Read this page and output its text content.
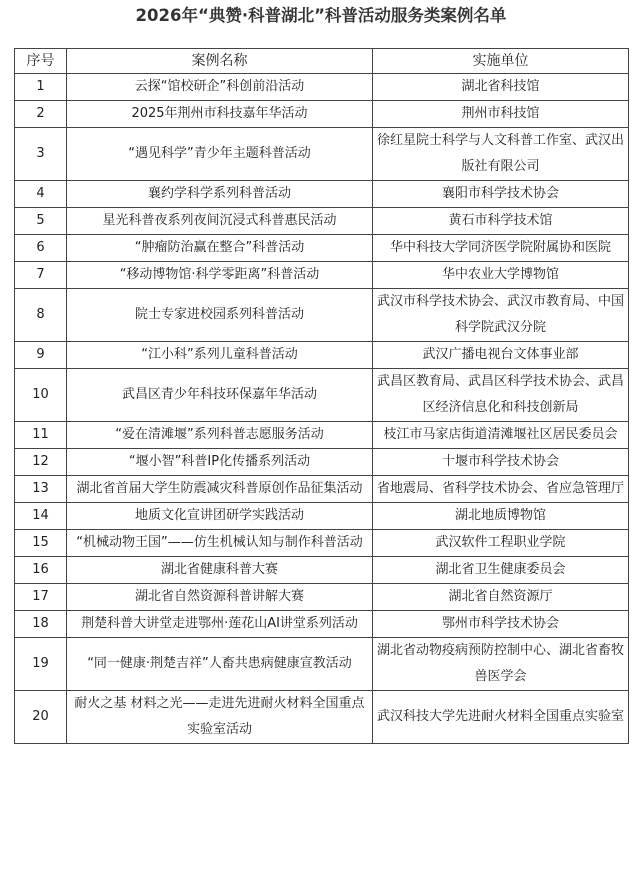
2026年“典赞·科普湖北”科普活动服务类案例名单
序号	案例名称	实施单位
1	云探“馆校研企”科创前沿活动	湖北省科技馆
2	2025年荆州市科技嘉年华活动	荆州市科技馆
3	“遇见科学”青少年主题科普活动	徐红星院士科学与人文科普工作室、武汉出版社有限公司
4	襄约学科学系列科普活动	襄阳市科学技术协会
5	星光科普夜系列夜间沉浸式科普惠民活动	黄石市科学技术馆
6	“肿瘤防治赢在整合”科普活动	华中科技大学同济医学院附属协和医院
7	“移动博物馆·科学零距离”科普活动	华中农业大学博物馆
8	院士专家进校园系列科普活动	武汉市科学技术协会、武汉市教育局、中国科学院武汉分院
9	“江小科”系列儿童科普活动	武汉广播电视台文体事业部
10	武昌区青少年科技环保嘉年华活动	武昌区教育局、武昌区科学技术协会、武昌区经济信息化和科技创新局
11	“爱在清滩堰”系列科普志愿服务活动	枝江市马家店街道清滩堰社区居民委员会
12	“堰小智”科普IP化传播系列活动	十堰市科学技术协会
13	湖北省首届大学生防震减灾科普原创作品征集活动	省地震局、省科学技术协会、省应急管理厅
14	地质文化宣讲团研学实践活动	湖北地质博物馆
15	“机械动物王国”——仿生机械认知与制作科普活动	武汉软件工程职业学院
16	湖北省健康科普大赛	湖北省卫生健康委员会
17	湖北省自然资源科普讲解大赛	湖北省自然资源厅
18	荆楚科普大讲堂走进鄂州·莲花山AI讲堂系列活动	鄂州市科学技术协会
19	“同一健康·荆楚吉祥”人畜共患病健康宣教活动	湖北省动物疫病预防控制中心、湖北省畜牧兽医学会
20	耐火之基 材料之光——走进先进耐火材料全国重点实验室活动	武汉科技大学先进耐火材料全国重点实验室
